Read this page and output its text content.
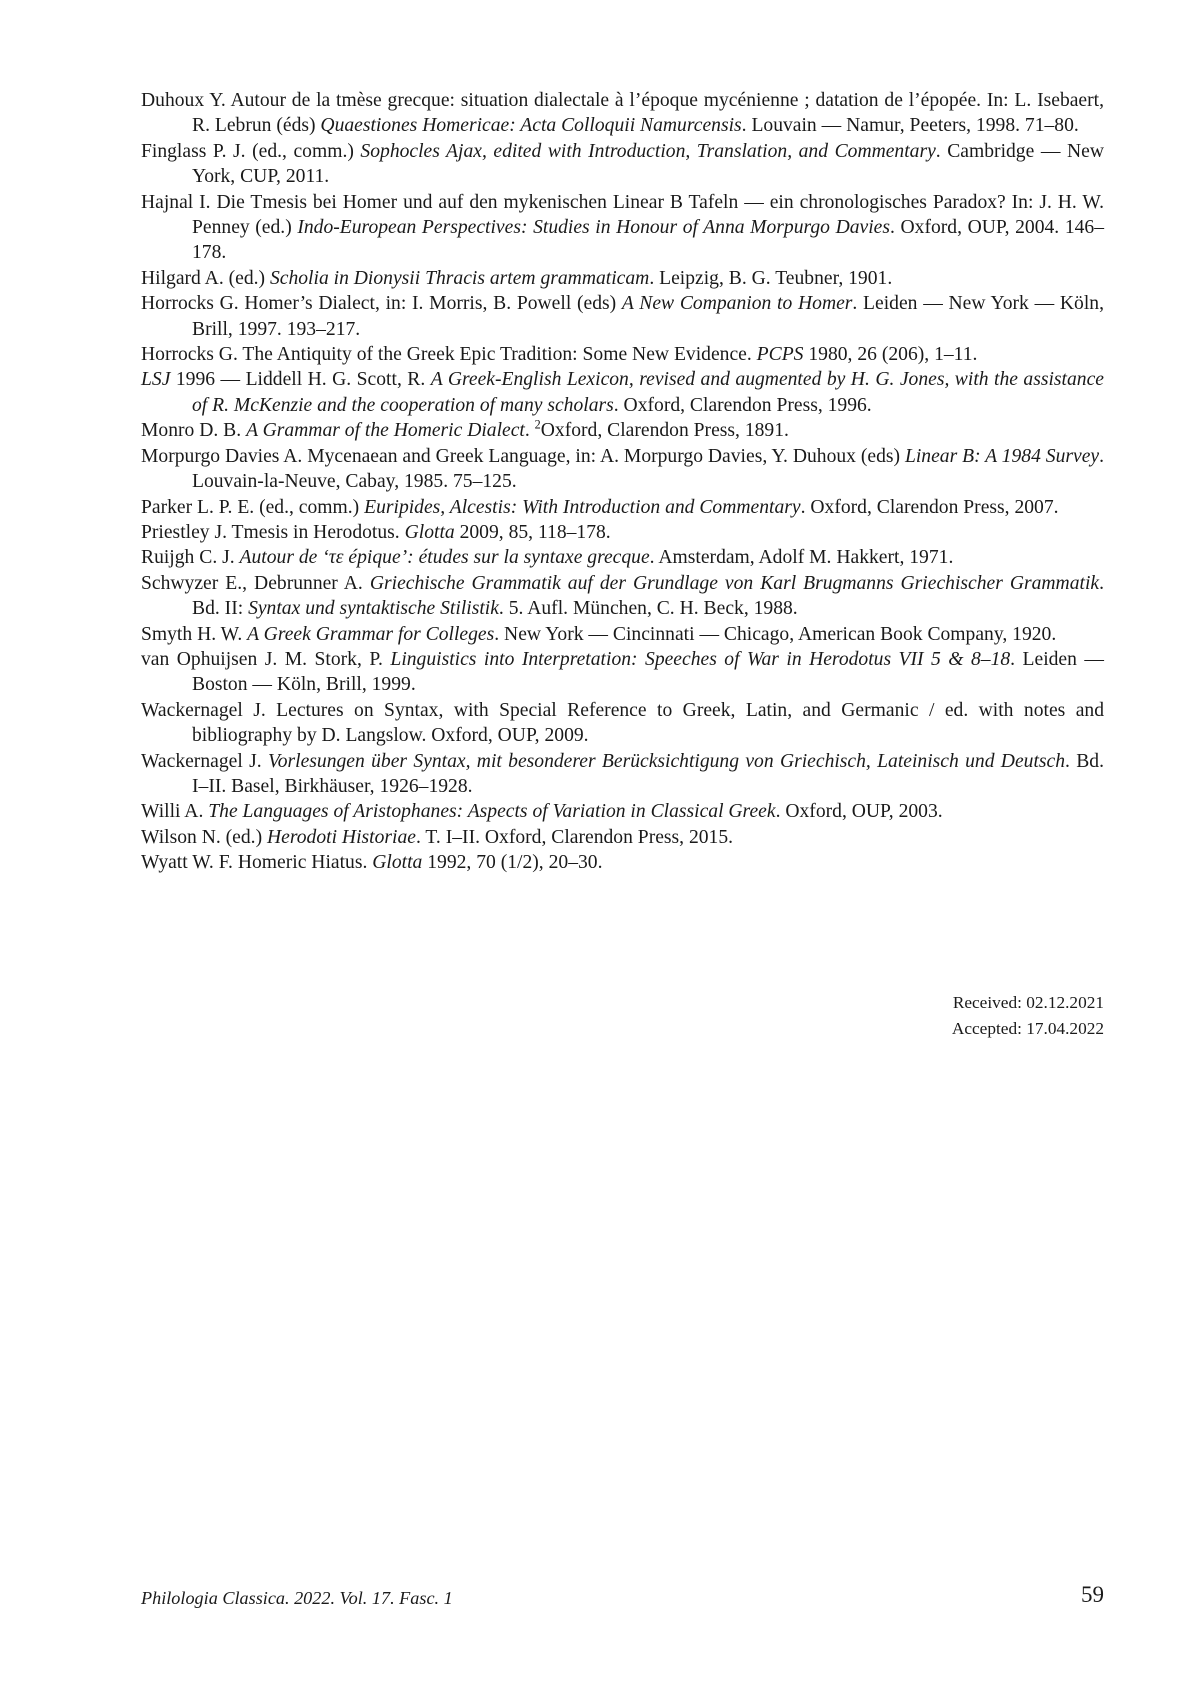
Duhoux Y. Autour de la tmèse grecque: situation dialectale à l’époque mycénienne ; datation de l’épopée. In: L. Isebaert, R. Lebrun (éds) Quaestiones Homericae: Acta Colloquii Namurcensis. Louvain — Namur, Peeters, 1998. 71–80.
Finglass P. J. (ed., comm.) Sophocles Ajax, edited with Introduction, Translation, and Commentary. Cambridge — New York, CUP, 2011.
Hajnal I. Die Tmesis bei Homer und auf den mykenischen Linear B Tafeln — ein chronologisches Paradox? In: J. H. W. Penney (ed.) Indo-European Perspectives: Studies in Honour of Anna Morpurgo Davies. Oxford, OUP, 2004. 146–178.
Hilgard A. (ed.) Scholia in Dionysii Thracis artem grammaticam. Leipzig, B. G. Teubner, 1901.
Horrocks G. Homer’s Dialect, in: I. Morris, B. Powell (eds) A New Companion to Homer. Leiden — New York — Köln, Brill, 1997. 193–217.
Horrocks G. The Antiquity of the Greek Epic Tradition: Some New Evidence. PCPS 1980, 26 (206), 1–11.
LSJ 1996 — Liddell H. G. Scott, R. A Greek-English Lexicon, revised and augmented by H. G. Jones, with the assistance of R. McKenzie and the cooperation of many scholars. Oxford, Clarendon Press, 1996.
Monro D. B. A Grammar of the Homeric Dialect. $^2$Oxford, Clarendon Press, 1891.
Morpurgo Davies A. Mycenaean and Greek Language, in: A. Morpurgo Davies, Y. Duhoux (eds) Linear B: A 1984 Survey. Louvain-la-Neuve, Cabay, 1985. 75–125.
Parker L. P. E. (ed., comm.) Euripides, Alcestis: With Introduction and Commentary. Oxford, Clarendon Press, 2007.
Priestley J. Tmesis in Herodotus. Glotta 2009, 85, 118–178.
Ruijgh C. J. Autour de ‘τε épique’: études sur la syntaxe grecque. Amsterdam, Adolf M. Hakkert, 1971.
Schwyzer E., Debrunner A. Griechische Grammatik auf der Grundlage von Karl Brugmanns Griechischer Grammatik. Bd. II: Syntax und syntaktische Stilistik. 5. Aufl. München, C. H. Beck, 1988.
Smyth H. W. A Greek Grammar for Colleges. New York — Cincinnati — Chicago, American Book Company, 1920.
van Ophuijsen J. M. Stork, P. Linguistics into Interpretation: Speeches of War in Herodotus VII 5 & 8–18. Leiden —Boston — Köln, Brill, 1999.
Wackernagel J. Lectures on Syntax, with Special Reference to Greek, Latin, and Germanic / ed. with notes and bibliography by D. Langslow. Oxford, OUP, 2009.
Wackernagel J. Vorlesungen über Syntax, mit besonderer Berücksichtigung von Griechisch, Lateinisch und Deutsch. Bd. I–II. Basel, Birkhäuser, 1926–1928.
Willi A. The Languages of Aristophanes: Aspects of Variation in Classical Greek. Oxford, OUP, 2003.
Wilson N. (ed.) Herodoti Historiae. T. I–II. Oxford, Clarendon Press, 2015.
Wyatt W. F. Homeric Hiatus. Glotta 1992, 70 (1/2), 20–30.
Received: 02.12.2021
Accepted: 17.04.2022
Philologia Classica. 2022. Vol. 17. Fasc. 1	59
